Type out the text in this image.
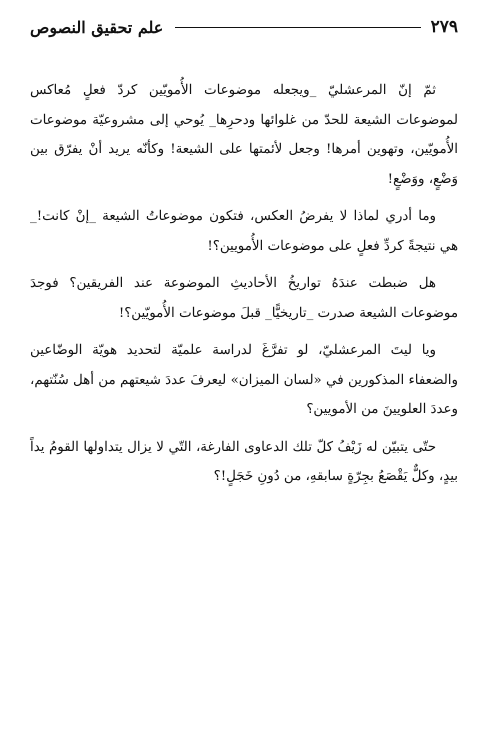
٢٧٩
علم تحقيق النصوص

ثمّ إنّ المرعشليّ _ويجعله موضوعات الأُمويّين كردّ فعلٍ مُعاكس لموضوعات الشيعة للحدّ من غلوائها ودحرِها_ يُوحي إلى مشروعيّة موضوعات الأُمويّين، وتهوين أمرها! وجعل لأئمتها على الشيعة! وكأنّه يريد أنْ يفرّق بين وَضْعٍ، ووَضْعٍ!

وما أدري لماذا لا يفرضُ العكس، فتكون موضوعاتُ الشيعة _إنْ كانت!_ هي نتيجةً كردِّ فعلٍ على موضوعات الأُمويين؟!

هل ضبطت عندَهُ تواريخُ الأحاديثِ الموضوعة عند الفريقين؟ فوجدَ موضوعات الشيعة صدرت _تاريخيًّا_ قبلَ موضوعات الأُمويّين؟!

ويا ليتَ المرعشليّ، لو تفرَّغَ لدراسة علميّة لتحديد هويّة الوضّاعين والضعفاء المذكورين في «لسان الميزان» ليعرفَ عددَ شيعتهم من أهل سُنّتهم، وعددَ العلويينَ من الأمويين؟

حتّى يتبيّن له زَيْفُ كلّ تلك الدعاوى الفارغة، التّي لا يزال يتداولها القومُ يداً بيدٍ، وكلٌّ يَقْصَعُ بجِرّةٍ سابقهِ، من دُونِ خَجَلٍ!؟
